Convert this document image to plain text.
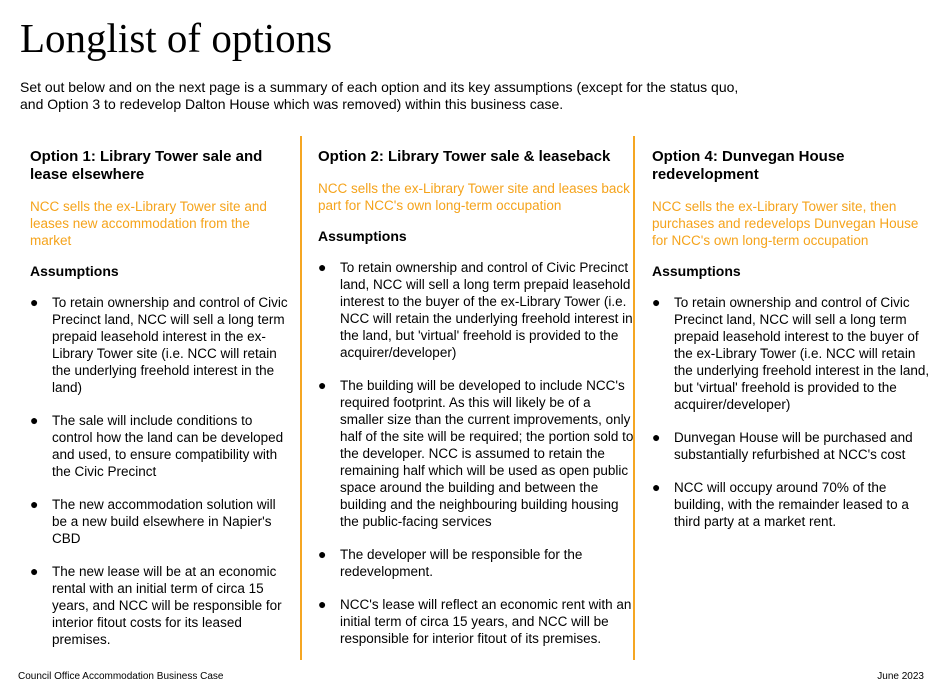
Longlist of options
Set out below and on the next page is a summary of each option and its key assumptions (except for the status quo, and Option 3 to redevelop Dalton House which was removed) within this business case.
Option 1: Library Tower sale and lease elsewhere
NCC sells the ex-Library Tower site and leases new accommodation from the market
Assumptions
● To retain ownership and control of Civic Precinct land, NCC will sell a long term prepaid leasehold interest in the ex-Library Tower site (i.e. NCC will retain the underlying freehold interest in the land)
● The sale will include conditions to control how the land can be developed and used, to ensure compatibility with the Civic Precinct
● The new accommodation solution will be a new build elsewhere in Napier's CBD
● The new lease will be at an economic rental with an initial term of circa 15 years, and NCC will be responsible for interior fitout costs for its leased premises.
Option 2: Library Tower sale & leaseback
NCC sells the ex-Library Tower site and leases back part for NCC's own long-term occupation
Assumptions
● To retain ownership and control of Civic Precinct land, NCC will sell a long term prepaid leasehold interest to the buyer of the ex-Library Tower (i.e. NCC will retain the underlying freehold interest in the land, but 'virtual' freehold is provided to the acquirer/developer)
● The building will be developed to include NCC's required footprint. As this will likely be of a smaller size than the current improvements, only half of the site will be required; the portion sold to the developer. NCC is assumed to retain the remaining half which will be used as open public space around the building and between the building and the neighbouring building housing the public-facing services
● The developer will be responsible for the redevelopment.
● NCC's lease will reflect an economic rent with an initial term of circa 15 years, and NCC will be responsible for interior fitout of its premises.
Option 4: Dunvegan House redevelopment
NCC sells the ex-Library Tower site, then purchases and redevelops Dunvegan House for NCC's own long-term occupation
Assumptions
● To retain ownership and control of Civic Precinct land, NCC will sell a long term prepaid leasehold interest to the buyer of the ex-Library Tower (i.e. NCC will retain the underlying freehold interest in the land, but 'virtual' freehold is provided to the acquirer/developer)
● Dunvegan House will be purchased and substantially refurbished at NCC's cost
● NCC will occupy around 70% of the building, with the remainder leased to a third party at a market rent.
Council Office Accommodation Business Case	June 2023
